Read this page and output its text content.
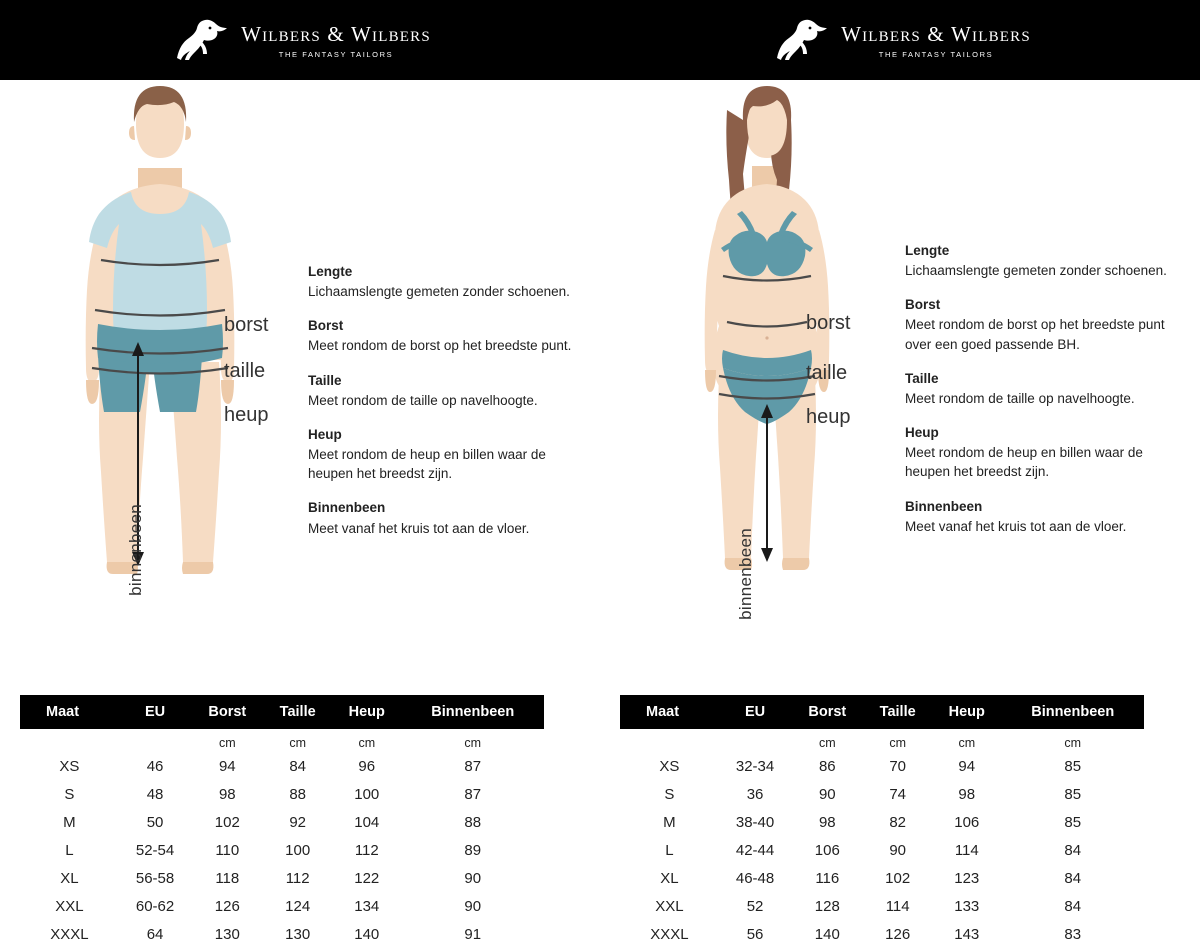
Wilbers & Wilbers
THE FANTASY TAILORS
Wilbers & Wilbers
THE FANTASY TAILORS
borst
taille
heup
binnenbeen
Lengte
Lichaamslengte gemeten zonder schoenen.
Borst
Meet rondom de borst op het breedste punt.
Taille
Meet rondom de taille op navelhoogte.
Heup
Meet rondom de heup en billen waar de heupen het breedst zijn.
Binnenbeen
Meet vanaf het kruis tot aan de vloer.
Maat	EU	Borst	Taille	Heup	Binnenbeen
		cm	cm	cm	cm
XS	46	94	84	96	87
S	48	98	88	100	87
M	50	102	92	104	88
L	52-54	110	100	112	89
XL	56-58	118	112	122	90
XXL	60-62	126	124	134	90
XXXL	64	130	130	140	91
borst
taille
heup
binnenbeen
Lengte
Lichaamslengte gemeten zonder schoenen.
Borst
Meet rondom de borst op het breedste punt over een goed passende BH.
Taille
Meet rondom de taille op navelhoogte.
Heup
Meet rondom de heup en billen waar de heupen het breedst zijn.
Binnenbeen
Meet vanaf het kruis tot aan de vloer.
Maat	EU	Borst	Taille	Heup	Binnenbeen
		cm	cm	cm	cm
XS	32-34	86	70	94	85
S	36	90	74	98	85
M	38-40	98	82	106	85
L	42-44	106	90	114	84
XL	46-48	116	102	123	84
XXL	52	128	114	133	84
XXXL	56	140	126	143	83
